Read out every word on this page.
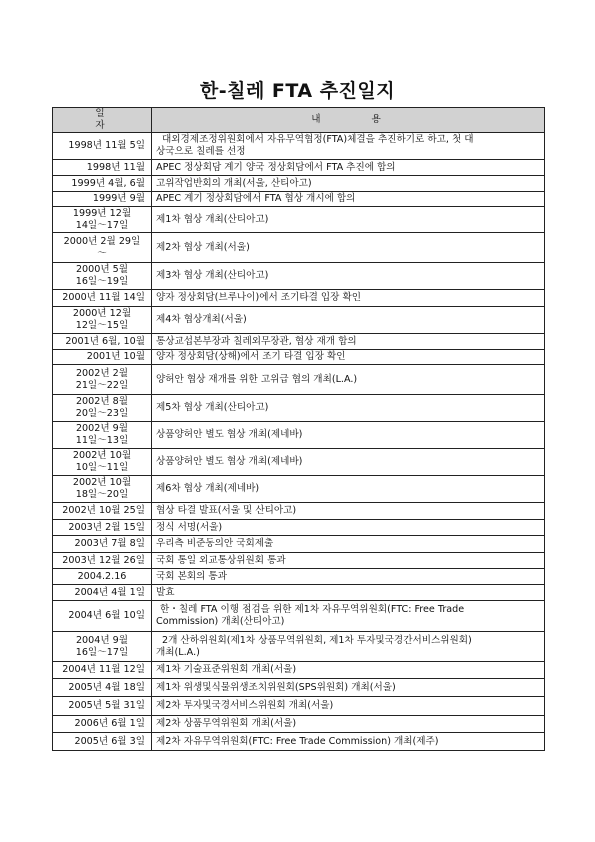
한-칠레 FTA 추진일지
일 자	내 용

1998년 11월 5일	대외경제조정위원회에서 자유무역협정(FTA)체결을 추진하기로 하고, 첫 대
상국으로 칠레를 선정

1998년 11월	APEC 정상회담 계기 양국 정상회담에서 FTA 추진에 합의

1999년 4월, 6월	고위작업반회의 개최(서울, 산티아고)

1999년 9월	APEC 계기 정상회담에서 FTA 협상 개시에 합의

1999년 12월
14일～17일	제1차 협상 개최(산티아고)

2000년 2월 29일
～	제2차 협상 개최(서울)

2000년 5월
16일～19일	제3차 협상 개최(산티아고)

2000년 11월 14일	양자 정상회담(브루나이)에서 조기타결 입장 확인

2000년 12월
12일～15일	제4차 협상개최(서울)

2001년 6월, 10월	통상교섭본부장과 칠레외무장관, 협상 재개 합의

2001년 10월	양자 정상회담(상해)에서 조기 타결 입장 확인

2002년 2월
21일～22일	양허안 협상 재개를 위한 고위급 협의 개최(L.A.)

2002년 8월
20일～23일	제5차 협상 개최(산티아고)

2002년 9월
11일～13일	상품양허안 별도 협상 개최(제네바)

2002년 10월
10일～11일	상품양허안 별도 협상 개최(제네바)

2002년 10월
18일～20일	제6차 협상 개최(제네바)

2002년 10월 25일	협상 타결 발표(서울 및 산티아고)

2003년 2월 15일	정식 서명(서울)

2003년 7월 8일	우리측 비준동의안 국회제출

2003년 12월 26일	국회 통일 외교통상위원회 통과

2004.2.16	국회 본회의 통과

2004년 4월 1일	발효

2004년 6월 10일	한・칠레 FTA 이행 점검을 위한 제1차 자유무역위원회(FTC: Free Trade
Commission) 개최(산티아고)

2004년 9월
16일～17일	2개 산하위원회(제1차 상품무역위원회, 제1차 투자및국경간서비스위원회)
개최(L.A.)

2004년 11월 12일	제1차 기술표준위원회 개최(서울)

2005년 4월 18일	제1차 위생및식물위생조치위원회(SPS위원회) 개최(서울)

2005년 5월 31일	제2차 투자및국경서비스위원회 개최(서울)

2006년 6월 1일	제2차 상품무역위원회 개최(서울)

2005년 6월 3일	제2차 자유무역위원회(FTC: Free Trade Commission) 개최(제주)
